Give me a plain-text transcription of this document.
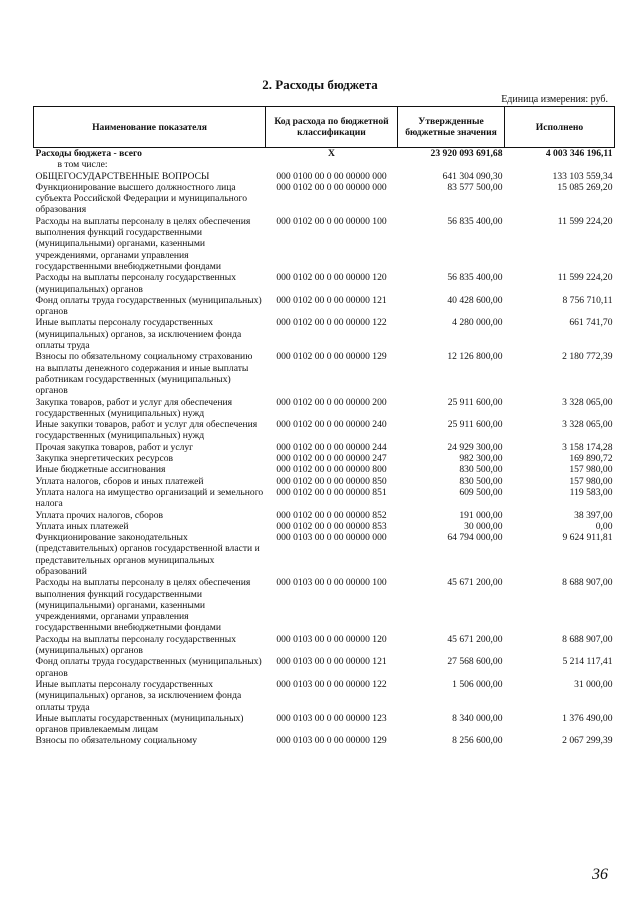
2. Расходы бюджета
Единица измерения: руб.
Наименование показателя	Код расхода по бюджетной классификации	Утвержденные бюджетные значения	Исполнено
Расходы бюджета - всего	X	23 920 093 691,68	4 003 346 196,11
в том числе:			
ОБЩЕГОСУДАРСТВЕННЫЕ ВОПРОСЫ	000 0100 00 0 00 00000 000	641 304 090,30	133 103 559,34
Функционирование высшего должностного лица субъекта Российской Федерации и муниципального образования	000 0102 00 0 00 00000 000	83 577 500,00	15 085 269,20
Расходы на выплаты персоналу в целях обеспечения выполнения функций государственными (муниципальными) органами, казенными учреждениями, органами управления государственными внебюджетными фондами	000 0102 00 0 00 00000 100	56 835 400,00	11 599 224,20
Расходы на выплаты персоналу государственных (муниципальных) органов	000 0102 00 0 00 00000 120	56 835 400,00	11 599 224,20
Фонд оплаты труда государственных (муниципальных) органов	000 0102 00 0 00 00000 121	40 428 600,00	8 756 710,11
Иные выплаты персоналу государственных (муниципальных) органов, за исключением фонда оплаты труда	000 0102 00 0 00 00000 122	4 280 000,00	661 741,70
Взносы по обязательному социальному страхованию на выплаты денежного содержания и иные выплаты работникам государственных (муниципальных) органов	000 0102 00 0 00 00000 129	12 126 800,00	2 180 772,39
Закупка товаров, работ и услуг для обеспечения государственных (муниципальных) нужд	000 0102 00 0 00 00000 200	25 911 600,00	3 328 065,00
Иные закупки товаров, работ и услуг для обеспечения государственных (муниципальных) нужд	000 0102 00 0 00 00000 240	25 911 600,00	3 328 065,00
Прочая закупка товаров, работ и услуг	000 0102 00 0 00 00000 244	24 929 300,00	3 158 174,28
Закупка энергетических ресурсов	000 0102 00 0 00 00000 247	982 300,00	169 890,72
Иные бюджетные ассигнования	000 0102 00 0 00 00000 800	830 500,00	157 980,00
Уплата налогов, сборов и иных платежей	000 0102 00 0 00 00000 850	830 500,00	157 980,00
Уплата налога на имущество организаций и земельного налога	000 0102 00 0 00 00000 851	609 500,00	119 583,00
Уплата прочих налогов, сборов	000 0102 00 0 00 00000 852	191 000,00	38 397,00
Уплата иных платежей	000 0102 00 0 00 00000 853	30 000,00	0,00
Функционирование законодательных (представительных) органов государственной власти и представительных органов муниципальных образований	000 0103 00 0 00 00000 000	64 794 000,00	9 624 911,81
Расходы на выплаты персоналу в целях обеспечения выполнения функций государственными (муниципальными) органами, казенными учреждениями, органами управления государственными внебюджетными фондами	000 0103 00 0 00 00000 100	45 671 200,00	8 688 907,00
Расходы на выплаты персоналу государственных (муниципальных) органов	000 0103 00 0 00 00000 120	45 671 200,00	8 688 907,00
Фонд оплаты труда государственных (муниципальных) органов	000 0103 00 0 00 00000 121	27 568 600,00	5 214 117,41
Иные выплаты персоналу государственных (муниципальных) органов, за исключением фонда оплаты труда	000 0103 00 0 00 00000 122	1 506 000,00	31 000,00
Иные выплаты государственных (муниципальных) органов привлекаемым лицам	000 0103 00 0 00 00000 123	8 340 000,00	1 376 490,00
Взносы по обязательному социальному	000 0103 00 0 00 00000 129	8 256 600,00	2 067 299,39
36
